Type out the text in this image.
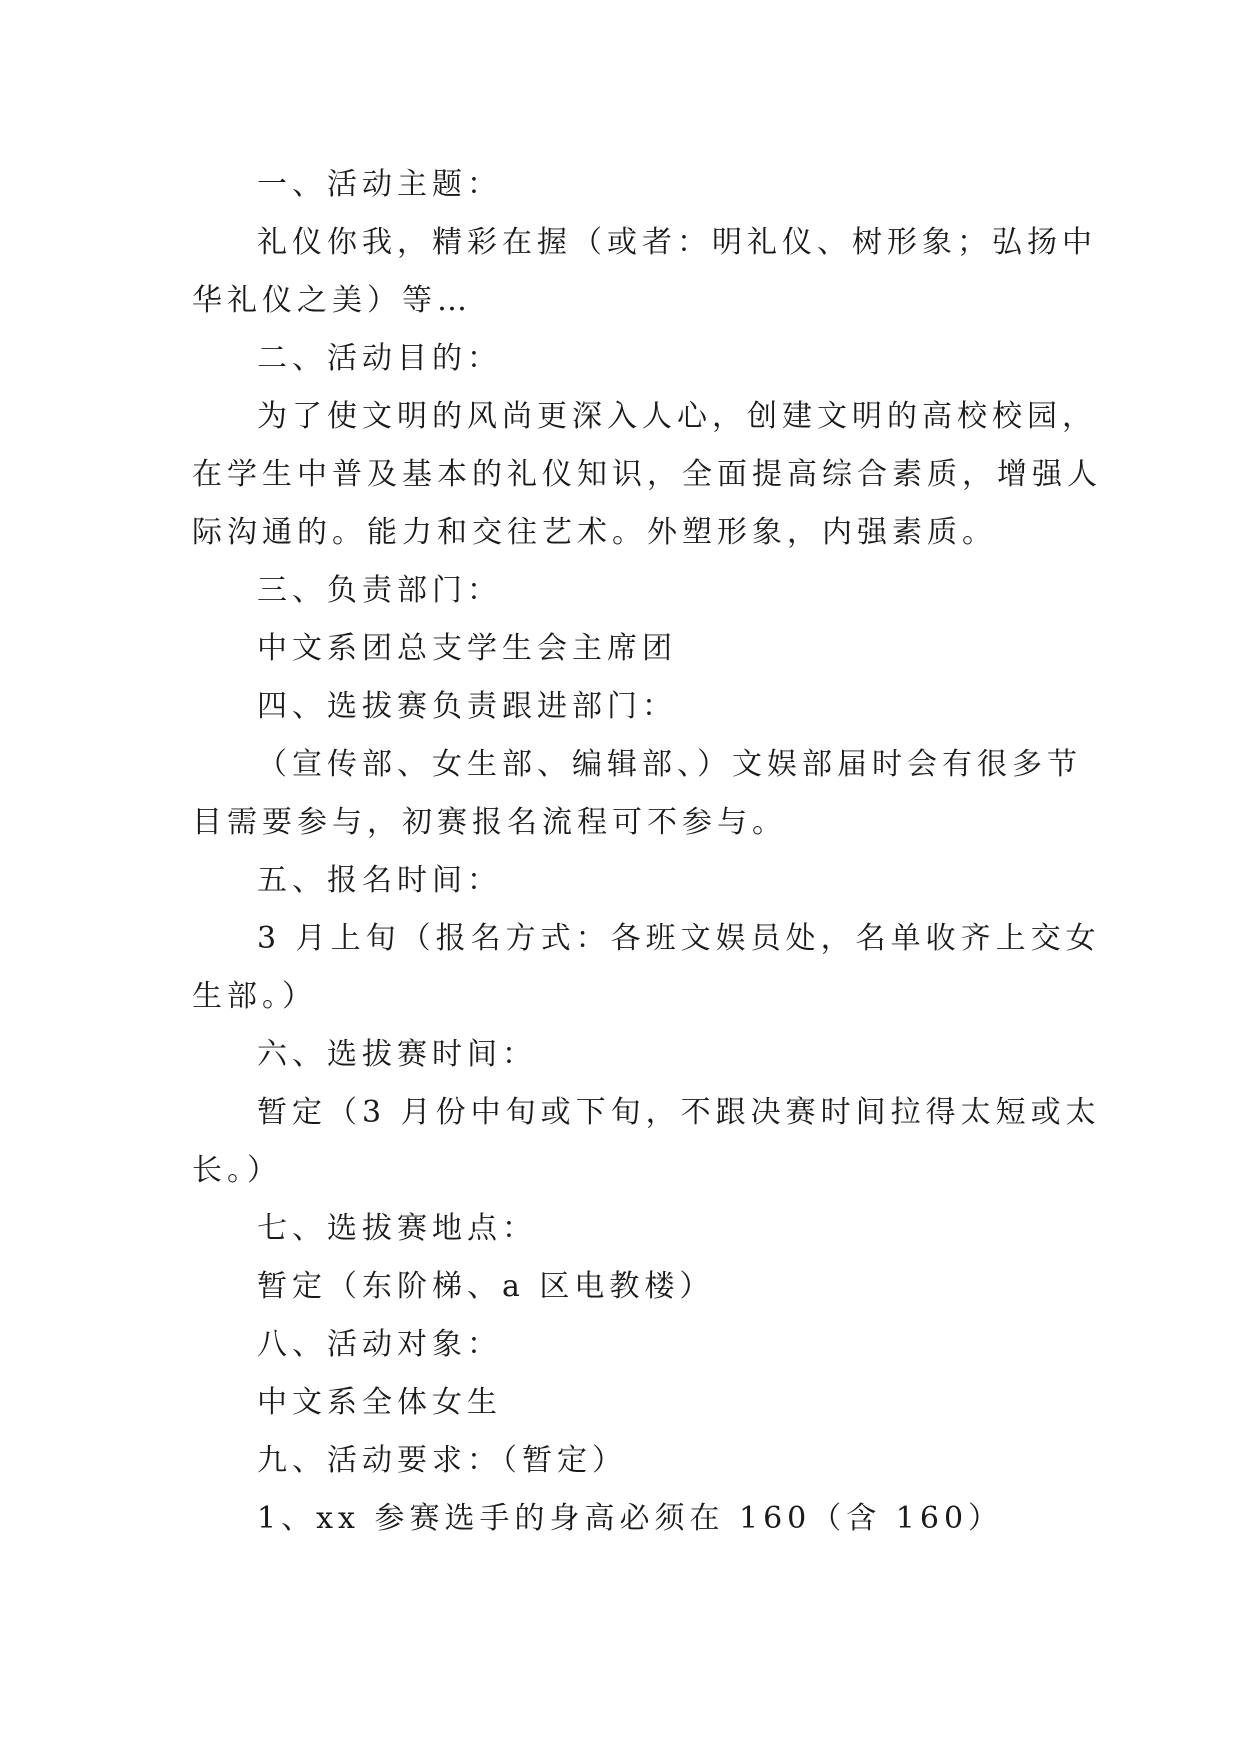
一、活动主题：
礼仪你我，精彩在握（或者：明礼仪、树形象；弘扬中
华礼仪之美）等…
二、活动目的：
为了使文明的风尚更深入人心，创建文明的高校校园，
在学生中普及基本的礼仪知识，全面提高综合素质，增强人
际沟通的。能力和交往艺术。外塑形象，内强素质。
三、负责部门：
中文系团总支学生会主席团
四、选拔赛负责跟进部门：
（宣传部、女生部、编辑部、）文娱部届时会有很多节
目需要参与，初赛报名流程可不参与。
五、报名时间：
3 月上旬（报名方式：各班文娱员处，名单收齐上交女
生部。）
六、选拔赛时间：
暂定（3 月份中旬或下旬，不跟决赛时间拉得太短或太
长。）
七、选拔赛地点：
暂定（东阶梯、a 区电教楼）
八、活动对象：
中文系全体女生
九、活动要求：（暂定）
1、xx 参赛选手的身高必须在 160（含 160）
